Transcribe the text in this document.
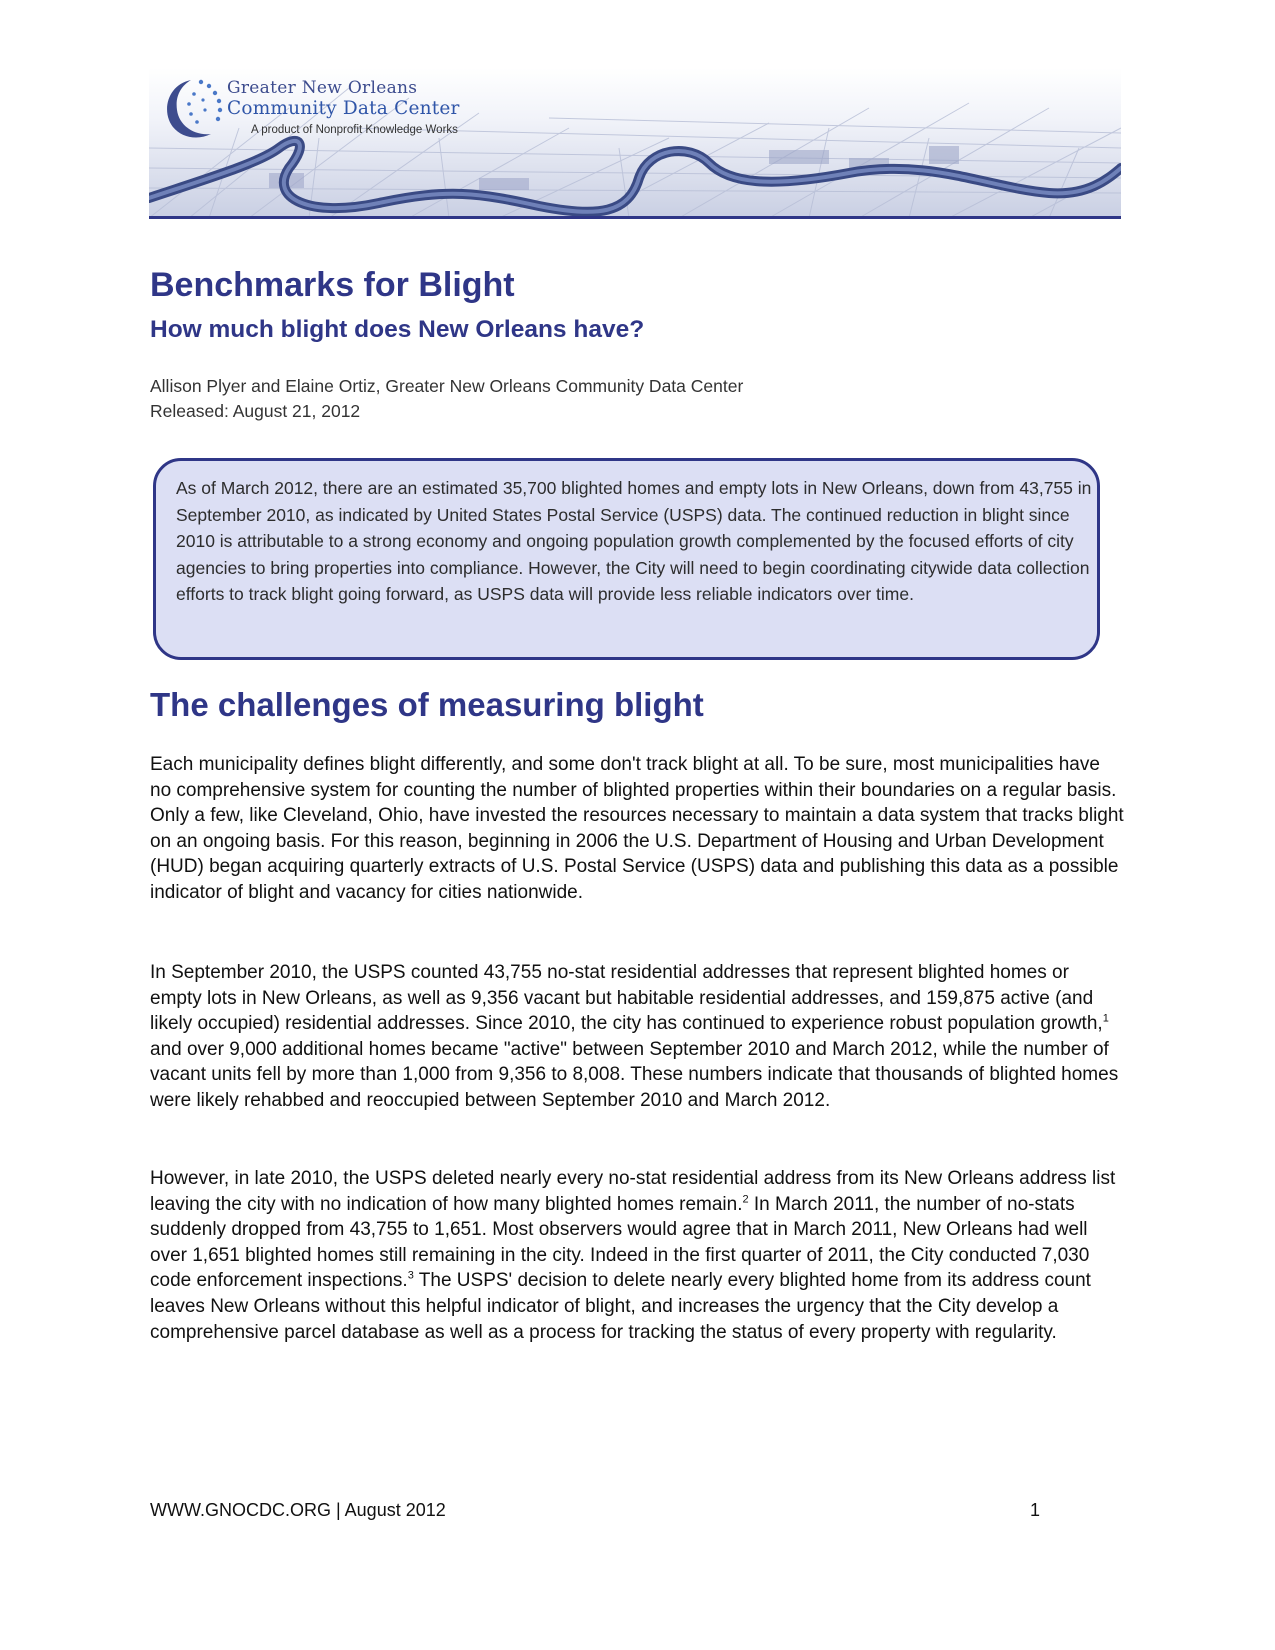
Greater New Orleans
Community Data Center
A product of Nonprofit Knowledge Works
Benchmarks for Blight
How much blight does New Orleans have?
Allison Plyer and Elaine Ortiz, Greater New Orleans Community Data Center
Released: August 21, 2012

As of March 2012, there are an estimated 35,700 blighted homes and empty lots in New Orleans, down from 43,755 in September 2010, as indicated by United States Postal Service (USPS) data. The continued reduction in blight since 2010 is attributable to a strong economy and ongoing population growth complemented by the focused efforts of city agencies to bring properties into compliance. However, the City will need to begin coordinating citywide data collection efforts to track blight going forward, as USPS data will provide less reliable indicators over time.

The challenges of measuring blight

Each municipality defines blight differently, and some don't track blight at all. To be sure, most municipalities have no comprehensive system for counting the number of blighted properties within their boundaries on a regular basis. Only a few, like Cleveland, Ohio, have invested the resources necessary to maintain a data system that tracks blight on an ongoing basis. For this reason, beginning in 2006 the U.S. Department of Housing and Urban Development (HUD) began acquiring quarterly extracts of U.S. Postal Service (USPS) data and publishing this data as a possible indicator of blight and vacancy for cities nationwide.

In September 2010, the USPS counted 43,755 no-stat residential addresses that represent blighted homes or empty lots in New Orleans, as well as 9,356 vacant but habitable residential addresses, and 159,875 active (and likely occupied) residential addresses. Since 2010, the city has continued to experience robust population growth,$^1$ and over 9,000 additional homes became "active" between September 2010 and March 2012, while the number of vacant units fell by more than 1,000 from 9,356 to 8,008. These numbers indicate that thousands of blighted homes were likely rehabbed and reoccupied between September 2010 and March 2012.

However, in late 2010, the USPS deleted nearly every no-stat residential address from its New Orleans address list leaving the city with no indication of how many blighted homes remain.$^2$ In March 2011, the number of no-stats suddenly dropped from 43,755 to 1,651. Most observers would agree that in March 2011, New Orleans had well over 1,651 blighted homes still remaining in the city. Indeed in the first quarter of 2011, the City conducted 7,030 code enforcement inspections.$^3$ The USPS' decision to delete nearly every blighted home from its address count leaves New Orleans without this helpful indicator of blight, and increases the urgency that the City develop a comprehensive parcel database as well as a process for tracking the status of every property with regularity.

WWW.GNOCDC.ORG | August 2012	1
